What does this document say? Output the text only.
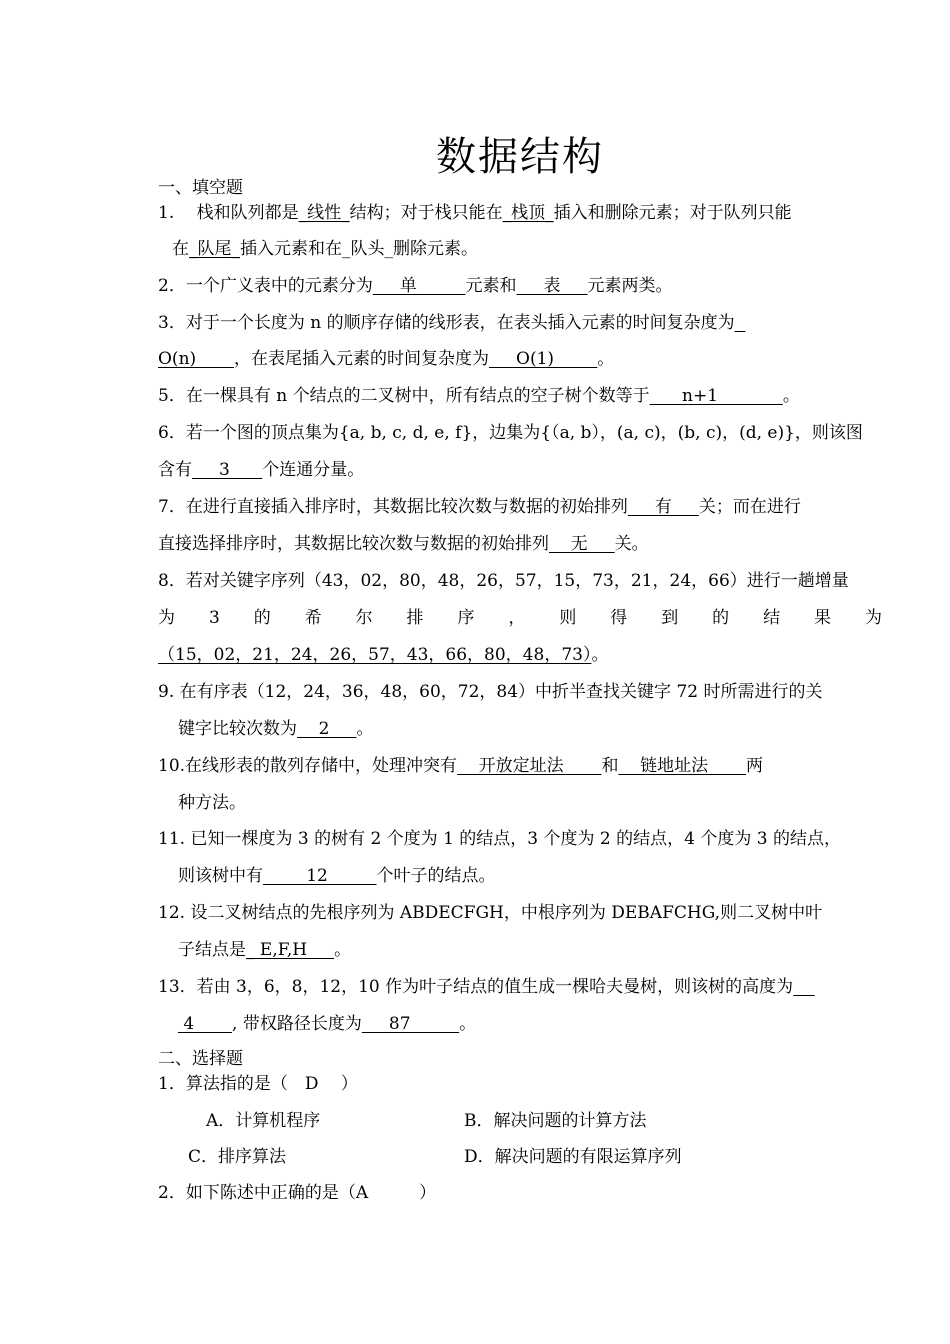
数据结构
一、填空题
1.　 栈和队列都是_线性_结构；对于栈只能在_栈顶_插入和删除元素；对于队列只能
在_队尾_插入元素和在_队头_删除元素。
2．一个广义表中的元素分为     单         元素和     表     元素两类。
3．对于一个长度为 n 的顺序存储的线形表，在表头插入元素的时间复杂度为
O(n)       ，在表尾插入元素的时间复杂度为     O(1)        。
5．在一棵具有 n 个结点的二叉树中，所有结点的空子树个数等于      n+1            。
6．若一个图的顶点集为{a, b, c, d, e, f}，边集为{（a, b），(a, c)，(b, c)，(d, e)}，则该图
含有     3      个连通分量。
7．在进行直接插入排序时，其数据比较次数与数据的初始排列     有     关；而在进行
直接选择排序时，其数据比较次数与数据的初始排列    无     关。
8．若对关键字序列（43，02，80，48，26，57，15，73，21，24，66）进行一趟增量
为 3 的 希 尔 排 序 ， 则 得 到 的 结 果 为
（15，02，21，24，26，57，43，66，80，48，73）。
9. 在有序表（12，24，36，48，60，72，84）中折半查找关键字 72 时所需进行的关
键字比较次数为    2     。
10.在线形表的散列存储中，处理冲突有    开放定址法       和    链地址法       两
种方法。
11. 已知一棵度为 3 的树有 2 个度为 1 的结点，3 个度为 2 的结点，4 个度为 3 的结点，
则该树中有        12         个叶子的结点。
12. 设二叉树结点的先根序列为 ABDECFGH，中根序列为 DEBAFCHG,则二叉树中叶
子结点是_ E,F,H     。
13．若由 3，6，8，12，10 作为叶子结点的值生成一棵哈夫曼树，则该树的高度为
4       , 带权路径长度为     87         。
二、选择题
1．算法指的是（　D　 ）
A．计算机程序	B．解决问题的计算方法
C．排序算法	D．解决问题的有限运算序列
2．如下陈述中正确的是（A　　　）
